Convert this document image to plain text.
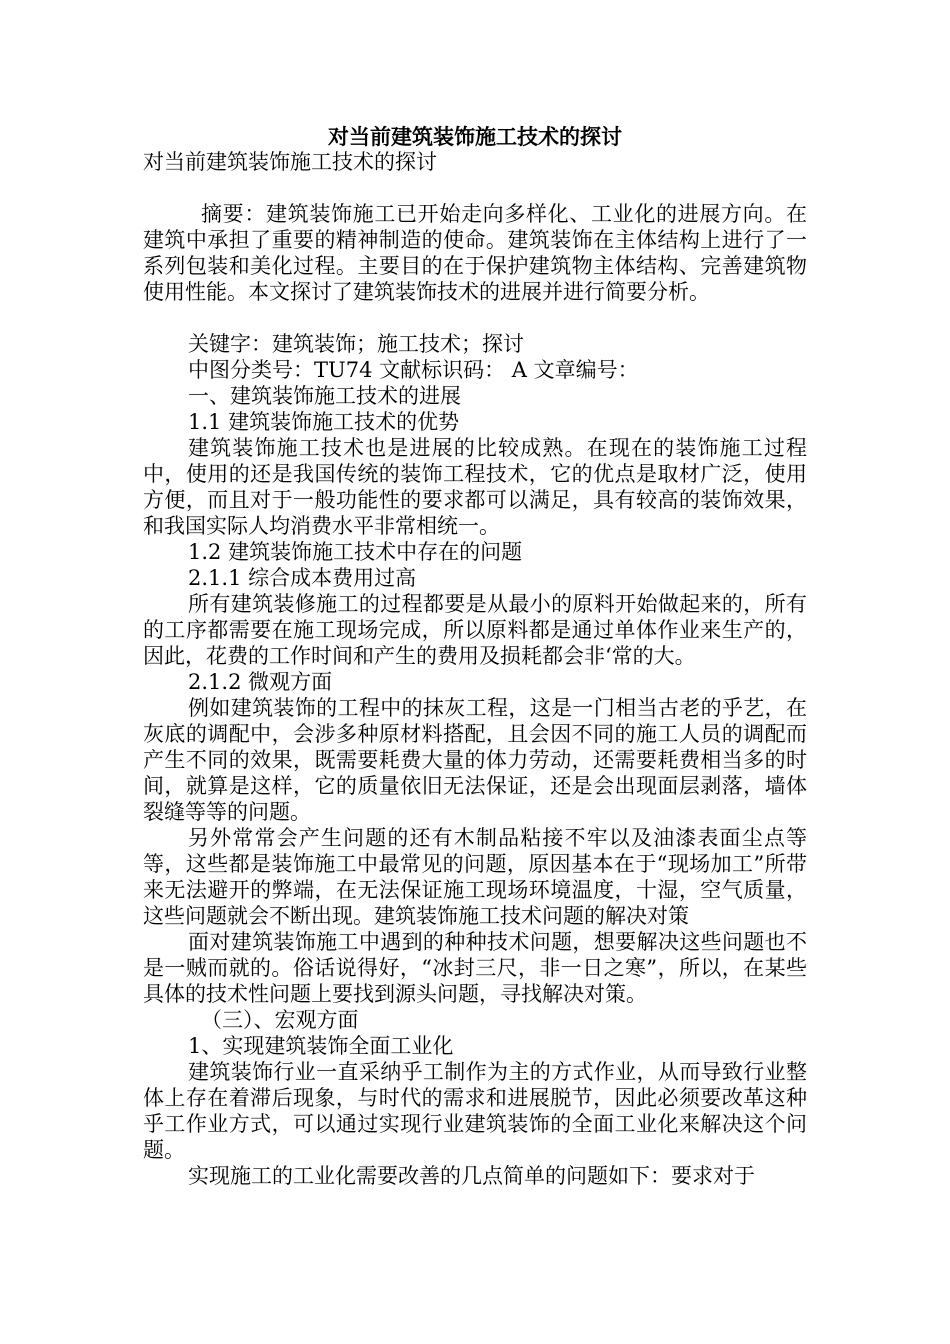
对当前建筑装饰施工技术的探讨

对当前建筑装饰施工技术的探讨

摘要：建筑装饰施工已开始走向多样化、工业化的进展方向。在建筑中承担了重要的精神制造的使命。建筑装饰在主体结构上进行了一系列包装和美化过程。主要目的在于保护建筑物主体结构、完善建筑物使用性能。本文探讨了建筑装饰技术的进展并进行简要分析。

关键字：建筑装饰；施工技术；探讨

中图分类号：TU74 文献标识码： A 文章编号：

一、建筑装饰施工技术的进展

1.1 建筑装饰施工技术的优势

建筑装饰施工技术也是进展的比较成熟。在现在的装饰施工过程中，使用的还是我国传统的装饰工程技术，它的优点是取材广泛，使用方便，而且对于一般功能性的要求都可以满足，具有较高的装饰效果，和我国实际人均消费水平非常相统一。

1.2 建筑装饰施工技术中存在的问题

2.1.1 综合成本费用过高

所有建筑装修施工的过程都要是从最小的原料开始做起来的，所有的工序都需要在施工现场完成，所以原料都是通过单体作业来生产的，因此，花费的工作时间和产生的费用及损耗都会非‘常的大。

2.1.2 微观方面

例如建筑装饰的工程中的抹灰工程，这是一门相当古老的乎艺，在灰底的调配中，会涉多种原材料搭配，且会因不同的施工人员的调配而产生不同的效果，既需要耗费大量的体力劳动，还需要耗费相当多的时间，就算是这样，它的质量依旧无法保证，还是会出现面层剥落，墙体裂缝等等的问题。

另外常常会产生问题的还有木制品粘接不牢以及油漆表面尘点等等，这些都是装饰施工中最常见的问题，原因基本在于“现场加工”所带来无法避开的弊端，在无法保证施工现场环境温度，十湿，空气质量，这些问题就会不断出现。建筑装饰施工技术问题的解决对策

面对建筑装饰施工中遇到的种种技术问题，想要解决这些问题也不是一贼而就的。俗话说得好，“冰封三尺，非一日之寒”，所以，在某些具体的技术性问题上要找到源头问题，寻找解决对策。

（三）、宏观方面

1、实现建筑装饰全面工业化

建筑装饰行业一直采纳乎工制作为主的方式作业，从而导致行业整体上存在着滞后现象，与时代的需求和进展脱节，因此必须要改革这种乎工作业方式，可以通过实现行业建筑装饰的全面工业化来解决这个问题。

实现施工的工业化需要改善的几点简单的问题如下：要求对于
